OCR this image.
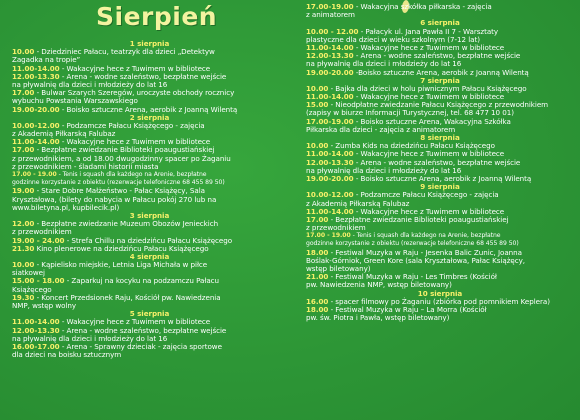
Sierpień
1 sierpnia
10.00 - Dziedziniec Pałacu, teatrzyk dla dzieci „Detektyw
Zagadka na tropie”
11.00-14.00 - Wakacyjne hece z Tuwimem w bibliotece
12.00-13.30 - Arena - wodne szaleństwo, bezpłatne wejście
na pływalnię dla dzieci i młodzieży do lat 16
17.00 - Bulwar Szarych Szeregów, uroczyste obchody rocznicy
wybuchu Powstania Warszawskiego
19.00-20.00 - Boisko sztuczne Arena, aerobik z Joanną Wilentą
2 sierpnia
10.00-12.00 - Podzamcze Pałacu Książęcego - zajęcia
z Akademią Piłkarską Falubaz
11.00-14.00 - Wakacyjne hece z Tuwimem w bibliotece
17.00 - Bezpłatne zwiedzanie Biblioteki poaugustiańskiej
z przewodnikiem, a od 18.00 dwugodzinny spacer po Żaganiu
z przewodnikiem - śladami historii miasta
17.00 - 19.00 - Tenis i squash dla każdego na Arenie, bezpłatne
godzinne korzystanie z obiektu (rezerwacje telefoniczne 68 455 89 50)
19.00 - Stare Dobre Małżeństwo - Pałac Książęcy, Sala
Kryształowa, (bilety do nabycia w Pałacu pokój 270 lub na
www.biletyna.pl, kupbilecik.pl)
3 sierpnia
12.00 - Bezpłatne zwiedzanie Muzeum Obozów Jenieckich
z przewodnikiem
19.00 - 24.00 - Strefa Chillu na dziedzińcu Pałacu Książęcego
21.30 Kino plenerowe na dziedzińcu Pałacu Książęcego
4 sierpnia
10.00 - Kąpielisko miejskie, Letnia Liga Michała w piłce
siatkowej
15.00 - 18.00 - Zaparkuj na kocyku na podzamczu Pałacu
Książęcego
19.30 - Koncert Przedsionek Raju, Kościół pw. Nawiedzenia
NMP, wstęp wolny
5 sierpnia
11.00-14.00 - Wakacyjne hece z Tuwimem w bibliotece
12.00-13.30 - Arena - wodne szaleństwo, bezpłatne wejście
na pływalnię dla dzieci i młodzieży do lat 16
16.00-17.00 - Arena - Sprawny dzieciak - zajęcia sportowe
dla dzieci na boisku sztucznym
17.00-19.00 - Wakacyjna szkółka piłkarska - zajęcia
z animatorem
6 sierpnia
10.00 - 12.00 - Pałacyk ul. Jana Pawła II 7 - Warsztaty
plastyczne dla dzieci w wieku szkolnym (7-12 lat)
11.00-14.00 - Wakacyjne hece z Tuwimem w bibliotece
12.00-13.30 - Arena - wodne szaleństwo, bezpłatne wejście
na pływalnię dla dzieci i młodzieży do lat 16
19.00-20.00 -Boisko sztuczne Arena, aerobik z Joanną Wilentą
7 sierpnia
10.00 - Bajka dla dzieci w holu piwnicznym Pałacu Książęcego
11.00-14.00 - Wakacyjne hece z Tuwimem w bibliotece
15.00 - Nieodpłatne zwiedzanie Pałacu Książęcego z przewodnikiem
(zapisy w biurze Informacji Turystycznej, tel. 68 477 10 01)
17.00-19.00 - Boisko sztuczne Arena, Wakacyjna Szkółka
Piłkarska dla dzieci - zajęcia z animatorem
8 sierpnia
10.00 - Zumba Kids na dziedzińcu Pałacu Książęcego
11.00-14.00 - Wakacyjne hece z Tuwimem w bibliotece
12.00-13.30 - Arena - wodne szaleństwo, bezpłatne wejście
na pływalnię dla dzieci i młodzieży do lat 16
19.00-20.00 - Boisko sztuczne Arena, aerobik z Joanną Wilentą
9 sierpnia
10.00-12.00 - Podzamcze Pałacu Książęcego - zajęcia
z Akademią Piłkarską Falubaz
11.00-14.00 - Wakacyjne hece z Tuwimem w bibliotece
17.00 - Bezpłatne zwiedzanie Biblioteki poaugustiańskiej
z przewodnikiem
17.00 - 19.00 - Tenis i squash dla każdego na Arenie, bezpłatne
godzinne korzystanie z obiektu (rezerwacje telefoniczne 68 455 89 50)
18.00 - Festiwal Muzyka w Raju - Jesenka Balic Zunic, Joanna
Boślak-Górniok, Green Kore (sala Kryształowa, Pałac Książęcy,
wstęp biletowany)
21.00 - Festiwal Muzyka w Raju - Les Timbres (Kościół
pw. Nawiedzenia NMP, wstęp biletowany)
10 sierpnia
16.00 - spacer filmowy po Żaganiu (zbiórka pod pomnikiem Keplera)
18.00 - Festiwal Muzyka w Raju – La Morra (Kościół
pw. św. Piotra i Pawła, wstęp biletowany)
